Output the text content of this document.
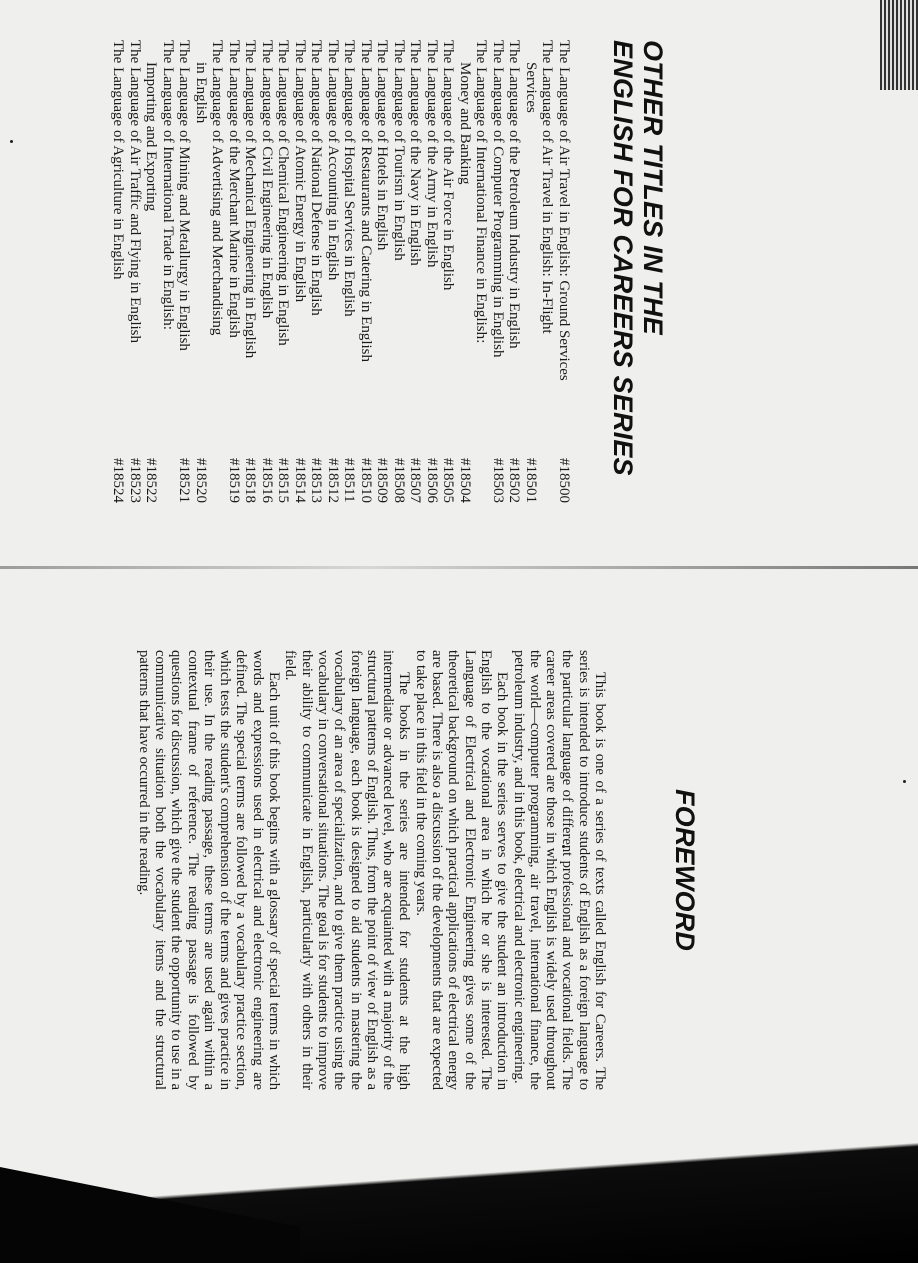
OTHER TITLES IN THE
ENGLISH FOR CAREERS SERIES
The Language of Air Travel in English: Ground Services
#18500
The Language of Air Travel in English: In-Flight
Services
#18501
The Language of the Petroleum Industry in English
#18502
The Language of Computer Programming in English
#18503
The Language of International Finance in English:
Money and Banking
#18504
The Language of the Air Force in English
#18505
The Language of the Army in English
#18506
The Language of the Navy in English
#18507
The Language of Tourism in English
#18508
The Language of Hotels in English
#18509
The Language of Restaurants and Catering in English
#18510
The Language of Hospital Services in English
#18511
The Language of Accounting in English
#18512
The Language of National Defense in English
#18513
The Language of Atomic Energy in English
#18514
The Language of Chemical Engineering in English
#18515
The Language of Civil Engineering in English
#18516
The Language of Mechanical Engineering in English
#18518
The Language of the Merchant Marine in English
#18519
The Language of Advertising and Merchandising
in English
#18520
The Language of Mining and Metallurgy in English
#18521
The Language of International Trade in English:
Importing and Exporting
#18522
The Language of Air Traffic and Flying in English
#18523
The Language of Agriculture in English
#18524
FOREWORD

This book is one of a series of texts called English for Careers. The series is intended to introduce students of English as a foreign language to the particular language of different professional and vocational fields. The career areas covered are those in which English is widely used throughout the world—computer programming, air travel, international finance, the petroleum industry, and in this book, electrical and electronic engineering.

Each book in the series serves to give the student an introduction in English to the vocational area in which he or she is interested. The Language of Electrical and Electronic Engineering gives some of the theoretical background on which practical applications of electrical energy are based. There is also a discussion of the developments that are expected to take place in this field in the coming years.

The books in the series are intended for students at the high intermediate or advanced level, who are acquainted with a majority of the structural patterns of English. Thus, from the point of view of English as a foreign language, each book is designed to aid students in mastering the vocabulary of an area of specialization, and to give them practice using the vocabulary in conversational situations. The goal is for students to improve their ability to communicate in English, particularly with others in their field.

Each unit of this book begins with a glossary of special terms in which words and expressions used in electrical and electronic engineering are defined. The special terms are followed by a vocabulary practice section, which tests the student's comprehension of the terms and gives practice in their use. In the reading passage, these terms are used again within a contextual frame of reference. The reading passage is followed by questions for discussion, which give the student the opportunity to use in a communicative situation both the vocabulary items and the structural patterns that have occurred in the reading.
